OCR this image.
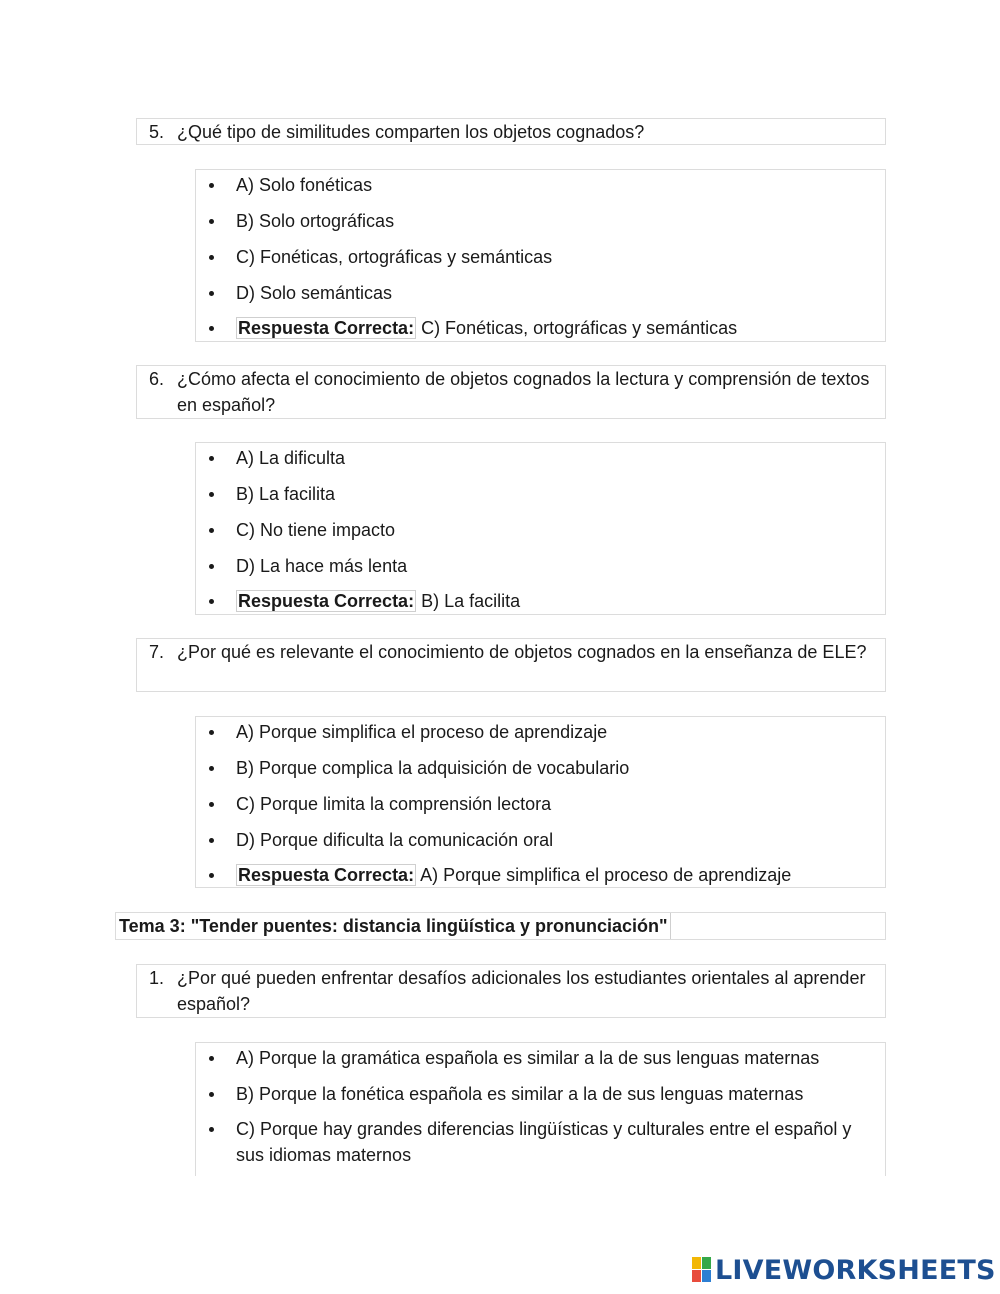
5. ¿Qué tipo de similitudes comparten los objetos cognados?
A) Solo fonéticas
B) Solo ortográficas
C) Fonéticas, ortográficas y semánticas
D) Solo semánticas
Respuesta Correcta: C) Fonéticas, ortográficas y semánticas
6. ¿Cómo afecta el conocimiento de objetos cognados la lectura y comprensión de textos en español?
A) La dificulta
B) La facilita
C) No tiene impacto
D) La hace más lenta
Respuesta Correcta: B) La facilita
7. ¿Por qué es relevante el conocimiento de objetos cognados en la enseñanza de ELE?
A) Porque simplifica el proceso de aprendizaje
B) Porque complica la adquisición de vocabulario
C) Porque limita la comprensión lectora
D) Porque dificulta la comunicación oral
Respuesta Correcta: A) Porque simplifica el proceso de aprendizaje
Tema 3: "Tender puentes: distancia lingüística y pronunciación"
1. ¿Por qué pueden enfrentar desafíos adicionales los estudiantes orientales al aprender español?
A) Porque la gramática española es similar a la de sus lenguas maternas
B) Porque la fonética española es similar a la de sus lenguas maternas
C) Porque hay grandes diferencias lingüísticas y culturales entre el español y sus idiomas maternos
LIVEWORKSHEETS
